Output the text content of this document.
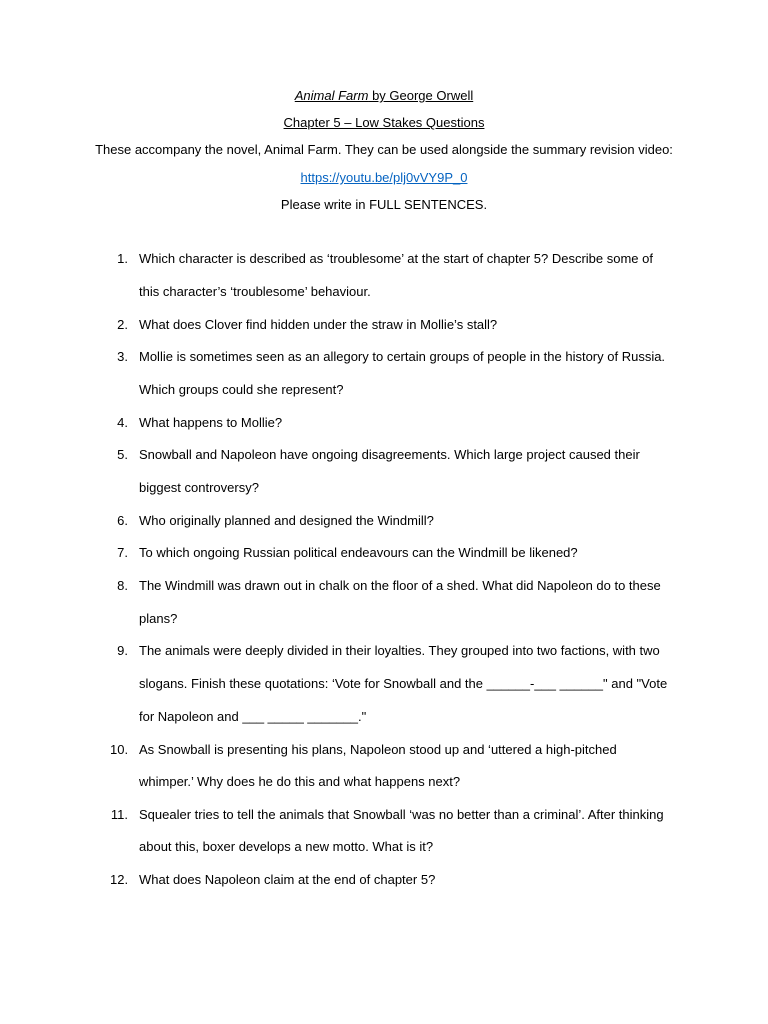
Animal Farm by George Orwell
Chapter 5 – Low Stakes Questions
These accompany the novel, Animal Farm. They can be used alongside the summary revision video:
https://youtu.be/plj0vVY9P_0
Please write in FULL SENTENCES.
1. Which character is described as ‘troublesome’ at the start of chapter 5? Describe some of
this character’s ‘troublesome’ behaviour.
2. What does Clover find hidden under the straw in Mollie’s stall?
3. Mollie is sometimes seen as an allegory to certain groups of people in the history of Russia.
Which groups could she represent?
4. What happens to Mollie?
5. Snowball and Napoleon have ongoing disagreements. Which large project caused their
biggest controversy?
6. Who originally planned and designed the Windmill?
7. To which ongoing Russian political endeavours can the Windmill be likened?
8. The Windmill was drawn out in chalk on the floor of a shed. What did Napoleon do to these
plans?
9. The animals were deeply divided in their loyalties. They grouped into two factions, with two
slogans. Finish these quotations: ‘Vote for Snowball and the ______-___ ______" and "Vote
for Napoleon and ___ _____ _______."
10. As Snowball is presenting his plans, Napoleon stood up and ‘uttered a high-pitched
whimper.’ Why does he do this and what happens next?
11. Squealer tries to tell the animals that Snowball ‘was no better than a criminal’. After thinking
about this, boxer develops a new motto. What is it?
12. What does Napoleon claim at the end of chapter 5?
